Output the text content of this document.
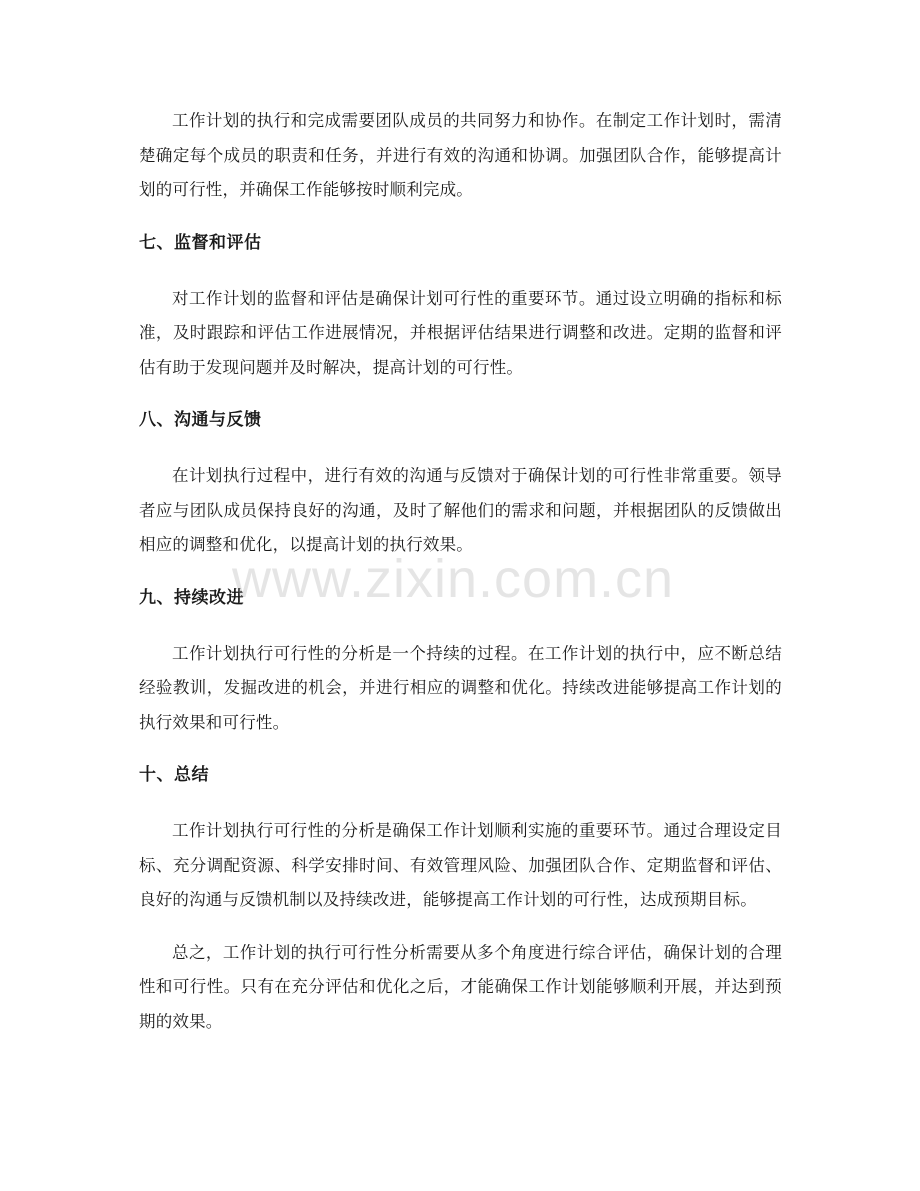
工作计划的执行和完成需要团队成员的共同努力和协作。在制定工作计划时，需清楚确定每个成员的职责和任务，并进行有效的沟通和协调。加强团队合作，能够提高计划的可行性，并确保工作能够按时顺利完成。

七、监督和评估

对工作计划的监督和评估是确保计划可行性的重要环节。通过设立明确的指标和标准，及时跟踪和评估工作进展情况，并根据评估结果进行调整和改进。定期的监督和评估有助于发现问题并及时解决，提高计划的可行性。

八、沟通与反馈

在计划执行过程中，进行有效的沟通与反馈对于确保计划的可行性非常重要。领导者应与团队成员保持良好的沟通，及时了解他们的需求和问题，并根据团队的反馈做出相应的调整和优化，以提高计划的执行效果。

九、持续改进

工作计划执行可行性的分析是一个持续的过程。在工作计划的执行中，应不断总结经验教训，发掘改进的机会，并进行相应的调整和优化。持续改进能够提高工作计划的执行效果和可行性。

十、总结

工作计划执行可行性的分析是确保工作计划顺利实施的重要环节。通过合理设定目标、充分调配资源、科学安排时间、有效管理风险、加强团队合作、定期监督和评估、良好的沟通与反馈机制以及持续改进，能够提高工作计划的可行性，达成预期目标。

总之，工作计划的执行可行性分析需要从多个角度进行综合评估，确保计划的合理性和可行性。只有在充分评估和优化之后，才能确保工作计划能够顺利开展，并达到预期的效果。

www.zixin.com.cn
